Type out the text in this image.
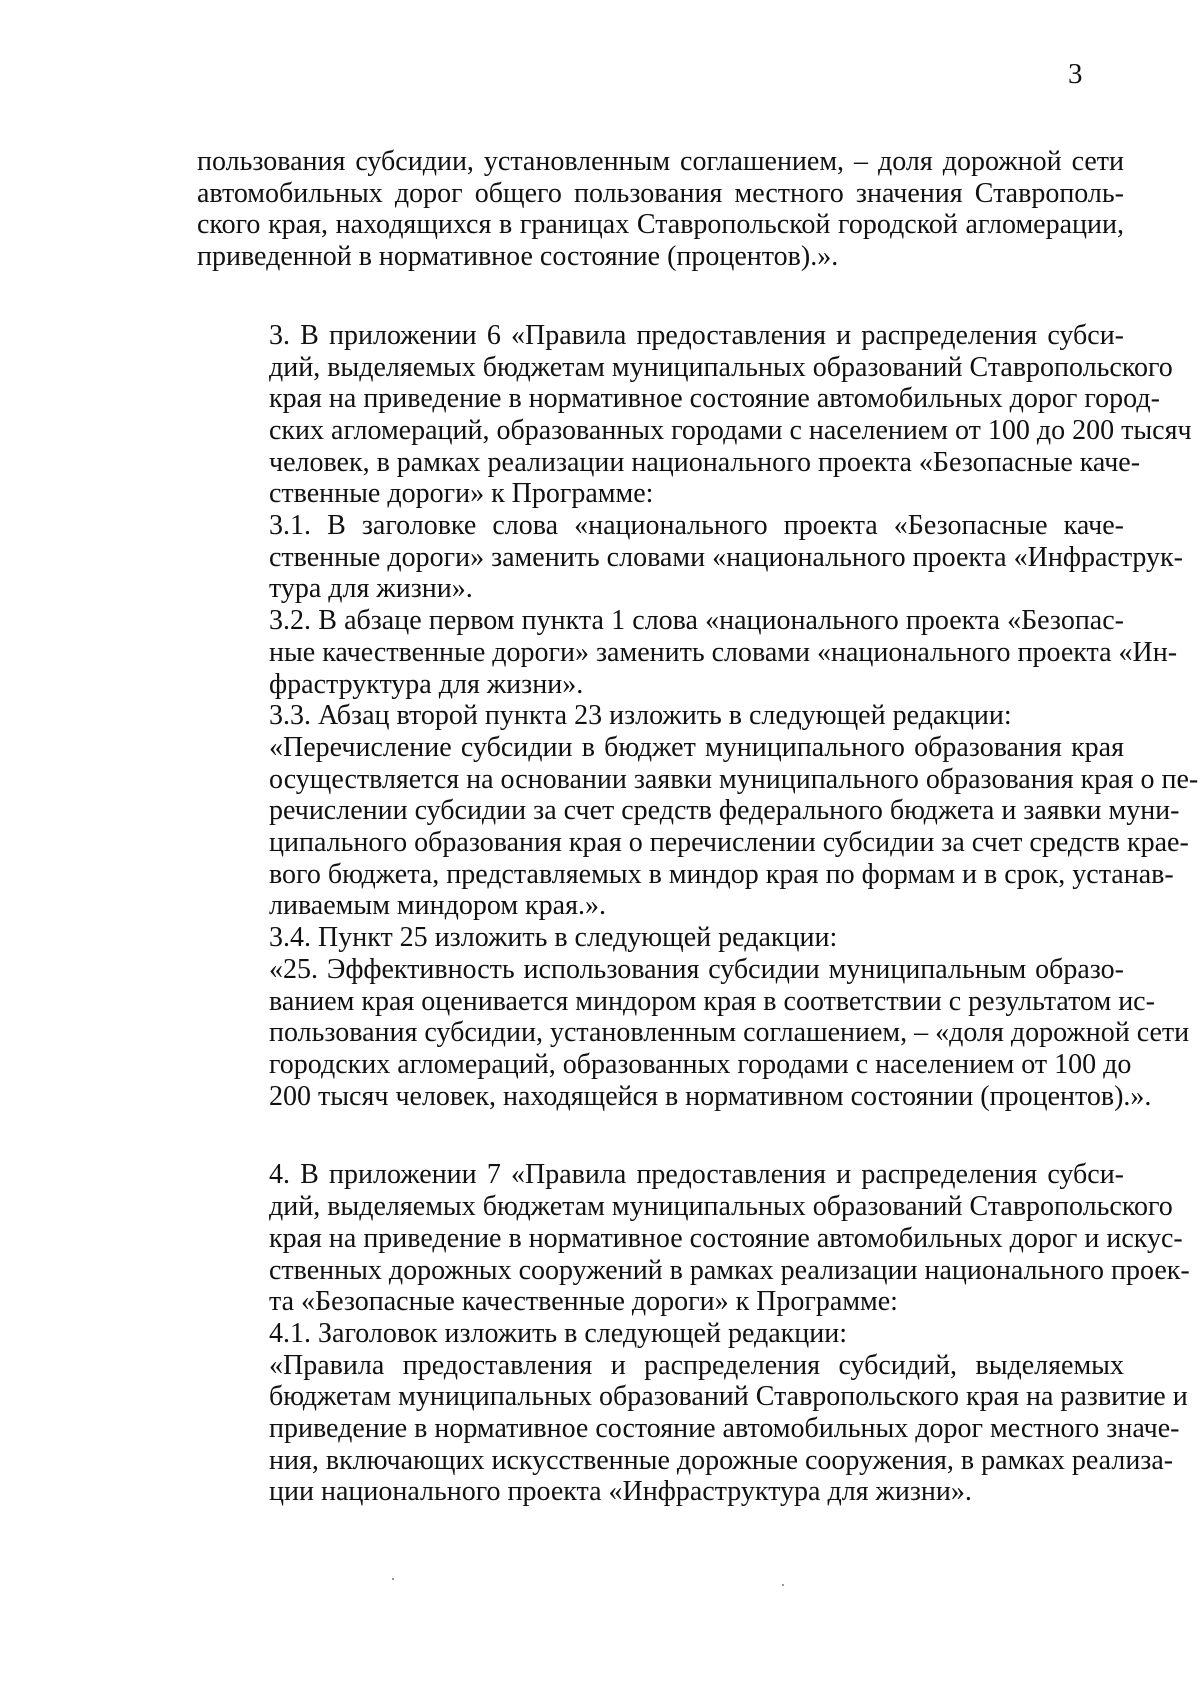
3

пользования субсидии, установленным соглашением, – доля дорожной сети
автомобильных дорог общего пользования местного значения Ставрополь-
ского края, находящихся в границах Ставропольской городской агломерации,
приведенной в нормативное состояние (процентов).».

3. В приложении 6 «Правила предоставления и распределения субси-
дий, выделяемых бюджетам муниципальных образований Ставропольского
края на приведение в нормативное состояние автомобильных дорог город-
ских агломераций, образованных городами с населением от 100 до 200 тысяч
человек, в рамках реализации национального проекта «Безопасные каче-
ственные дороги» к Программе:

3.1. В заголовке слова «национального проекта «Безопасные каче-
ственные дороги» заменить словами «национального проекта «Инфраструк-
тура для жизни».

3.2. В абзаце первом пункта 1 слова «национального проекта «Безопас-
ные качественные дороги» заменить словами «национального проекта «Ин-
фраструктура для жизни».

3.3. Абзац второй пункта 23 изложить в следующей редакции:

«Перечисление субсидии в бюджет муниципального образования края
осуществляется на основании заявки муниципального образования края о пе-
речислении субсидии за счет средств федерального бюджета и заявки муни-
ципального образования края о перечислении субсидии за счет средств крае-
вого бюджета, представляемых в миндор края по формам и в срок, устанав-
ливаемым миндором края.».

3.4. Пункт 25 изложить в следующей редакции:

«25. Эффективность использования субсидии муниципальным образо-
ванием края оценивается миндором края в соответствии с результатом ис-
пользования субсидии, установленным соглашением, – «доля дорожной сети
городских агломераций, образованных городами с населением от 100 до
200 тысяч человек, находящейся в нормативном состоянии (процентов).».

4. В приложении 7 «Правила предоставления и распределения субси-
дий, выделяемых бюджетам муниципальных образований Ставропольского
края на приведение в нормативное состояние автомобильных дорог и искус-
ственных дорожных сооружений в рамках реализации национального проек-
та «Безопасные качественные дороги» к Программе:

4.1. Заголовок изложить в следующей редакции:

«Правила предоставления и распределения субсидий, выделяемых
бюджетам муниципальных образований Ставропольского края на развитие и
приведение в нормативное состояние автомобильных дорог местного значе-
ния, включающих искусственные дорожные сооружения, в рамках реализа-
ции национального проекта «Инфраструктура для жизни».
